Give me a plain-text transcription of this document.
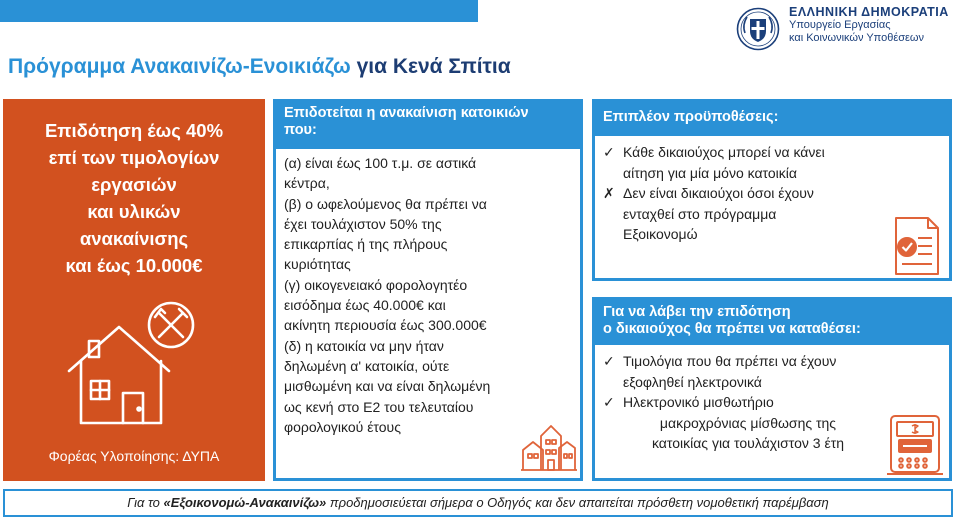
ΕΛΛΗΝΙΚΗ ΔΗΜΟΚΡΑΤΙΑ
Υπουργείο Εργασίας
και Κοινωνικών Υποθέσεων
Πρόγραμμα Ανακαινίζω-Ενοικιάζω για Κενά Σπίτια
Επιδότηση έως 40%
επί των τιμολογίων
εργασιών
και υλικών
ανακαίνισης
και έως 10.000€
Φορέας Υλοποίησης: ΔΥΠΑ
Επιδοτείται η ανακαίνιση κατοικιών
που:
(α) είναι έως 100 τ.μ. σε αστικά
κέντρα,
(β) ο ωφελούμενος θα πρέπει να
έχει τουλάχιστον 50% της
επικαρπίας ή της πλήρους
κυριότητας
(γ) οικογενειακό φορολογητέο
εισόδημα έως 40.000€ και
ακίνητη περιουσία έως 300.000€
(δ) η κατοικία να μην ήταν
δηλωμένη α' κατοικία, ούτε
μισθωμένη και να είναι δηλωμένη
ως κενή στο Ε2 του τελευταίου
φορολογικού έτους
Επιπλέον προϋποθέσεις:
✓ Κάθε δικαιούχος μπορεί να κάνει
αίτηση για μία μόνο κατοικία
✗ Δεν είναι δικαιούχοι όσοι έχουν
ενταχθεί στο πρόγραμμα
Εξοικονομώ
Για να λάβει την επιδότηση
ο δικαιούχος θα πρέπει να καταθέσει:
✓ Τιμολόγια που θα πρέπει να έχουν
εξοφληθεί ηλεκτρονικά
✓ Ηλεκτρονικό μισθωτήριο
μακροχρόνιας μίσθωσης της
κατοικίας για τουλάχιστον 3 έτη
Για το «Εξοικονομώ-Ανακαινίζω» προδημοσιεύεται σήμερα ο Οδηγός και δεν απαιτείται πρόσθετη νομοθετική παρέμβαση
